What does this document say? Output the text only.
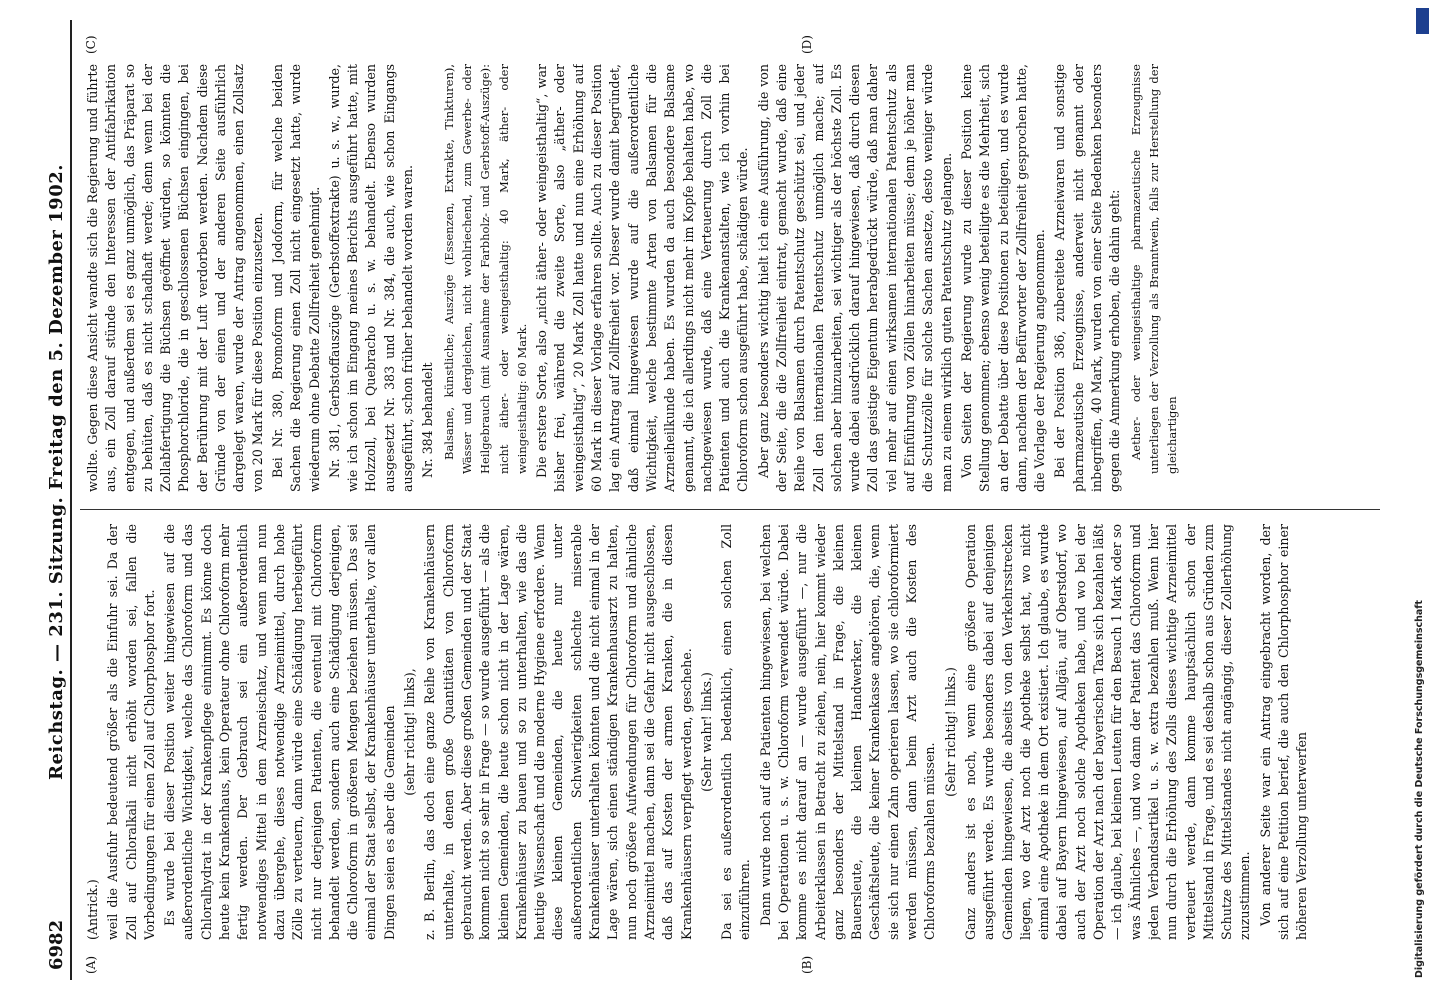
6982
Reichstag. — 231. Sitzung. Freitag den 5. Dezember 1902.
(A)	(B)
(C)	(D)

(Antrick.) weil die Ausfuhr bedeutend größer als die Einfuhr sei. Da der Zoll auf Chloralkali nicht erhöht worden sei, fallen die Vorbedingungen für einen Zoll auf Chlorphosphor fort. Es wurde bei dieser Position weiter hingewiesen auf die außerordentliche Wichtigkeit, welche das Chloroform und das Chloralhydrat in der Krankenpflege einnimmt. Es könne doch heute kein Krankenhaus, kein Operateur ohne Chloroform mehr fertig werden. Der Gebrauch sei ein außerordentlich notwendiges Mittel in dem Arzneischatz, und wenn man nun dazu übergehe, dieses notwendige Arzneimittel, durch hohe Zölle zu verteuern, dann würde eine Schädigung herbeigeführt nicht nur derjenigen Patienten, die eventuell mit Chloroform behandelt werden, sondern auch eine Schädigung derjenigen, die Chloroform in größeren Mengen beziehen müssen. Das sei einmal der Staat selbst, der Krankenhäuser unterhalte, vor allen Dingen seien es aber die Gemeinden (sehr richtig! links), z. B. Berlin, das doch eine ganze Reihe von Krankenhäusern unterhalte, in denen große Quantitäten von Chloroform gebraucht werden. Aber diese großen Gemeinden und der Staat kommen nicht so sehr in Frage — so wurde ausgeführt — als die kleinen Gemeinden, die heute schon nicht in der Lage wären, Krankenhäuser zu bauen und so zu unterhalten, wie das die heutige Wissenschaft und die moderne Hygiene erfordere. Wenn diese kleinen Gemeinden, die heute nur unter außerordentlichen Schwierigkeiten schlechte miserable Krankenhäuser unterhalten könnten und die nicht einmal in der Lage wären, sich einen ständigen Krankenhausarzt zu halten, nun noch größere Aufwendungen für Chloroform und ähnliche Arzneimittel machen, dann sei die Gefahr nicht ausgeschlossen, daß das auf Kosten der armen Kranken, die in diesen Krankenhäusern verpflegt werden, geschehe. (Sehr wahr! links.) Da sei es außerordentlich bedenklich, einen solchen Zoll einzuführen. Dann wurde noch auf die Patienten hingewiesen, bei welchen bei Operationen u. s. w. Chloroform verwendet würde. Dabei komme es nicht darauf an — wurde ausgeführt —, nur die Arbeiterklassen in Betracht zu ziehen, nein, hier kommt wieder ganz besonders der Mittelstand in Frage, die kleinen Bauersleute, die kleinen Handwerker, die kleinen Geschäftsleute, die keiner Krankenkasse angehören, die, wenn sie sich nur einen Zahn operieren lassen, wo sie chloroformiert werden müssen, dann beim Arzt auch die Kosten des Chloroforms bezahlen müssen.

(Sehr richtig! links.) Ganz anders ist es noch, wenn eine größere Operation ausgeführt werde. Es wurde besonders dabei auf denjenigen Gemeinden hingewiesen, die abseits von den Verkehrsstrecken liegen, wo der Arzt noch die Apotheke selbst hat, wo nicht einmal eine Apotheke in dem Ort existiert. Ich glaube, es wurde dabei auf Bayern hingewiesen, auf Allgäu, auf Oberstdorf, wo auch der Arzt noch solche Apotheken habe, und wo bei der Operation der Arzt nach der bayerischen Taxe sich bezahlen läßt — ich glaube, bei kleinen Leuten für den Besuch 1 Mark oder so was Ähnliches —, und wo dann der Patient das Chloroform und jeden Verbandsartikel u. s. w. extra bezahlen muß. Wenn hier nun durch die Erhöhung des Zolls dieses wichtige Arzneimittel verteuert werde, dann komme hauptsächlich schon der Mittelstand in Frage, und es sei deshalb schon aus Gründen zum Schutze des Mittelstandes nicht angängig, dieser Zollerhöhung zuzustimmen. Von anderer Seite war ein Antrag eingebracht worden, der sich auf eine Petition berief, die auch den Chlorphosphor einer höheren Verzollung unterwerfen

wollte. Gegen diese Ansicht wandte sich die Regierung und führte aus, ein Zoll darauf stünde den Interessen der Antifabrikation entgegen, und außerdem sei es ganz unmöglich, das Präparat so zu behüten, daß es nicht schadhaft werde; denn wenn bei der Zollabfertigung die Büchsen geöffnet würden, so könnten die Phosphorchloride, die in geschlossenen Büchsen eingingen, bei der Berührung mit der Luft verdorben werden. Nachdem diese Gründe von der einen und der anderen Seite ausführlich dargelegt waren, wurde der Antrag angenommen, einen Zollsatz von 20 Mark für diese Position einzusetzen. Bei Nr. 380, Bromoform und Jodoform, für welche beiden Sachen die Regierung einen Zoll nicht eingesetzt hatte, wurde wiederum ohne Debatte Zollfreiheit genehmigt. Nr. 381, Gerbstoffauszüge (Gerbstoffextrakte) u. s. w., wurde, wie ich schon im Eingang meines Berichts ausgeführt hatte, mit Holzzoll, bei Quebracho u. s. w. behandelt. Ebenso wurden ausgesetzt Nr. 383 und Nr. 384, die auch, wie schon Eingangs ausgeführt, schon früher behandelt worden waren. Nr. 384 behandelt Balsame, künstliche; Auszüge (Essenzen, Extrakte, Tinkturen), Wässer und dergleichen, nicht wohlriechend, zum Gewerbe- oder Heilgebrauch (mit Ausnahme der Farbholz- und Gerbstoff-Auszüge): nicht äther- oder weingeisthaltig: 40 Mark, äther- oder weingeisthaltig: 60 Mark. Die erstere Sorte, also „nicht äther- oder weingeisthaltig“, war bisher frei, während die zweite Sorte, also „äther- oder weingeisthaltig“, 20 Mark Zoll hatte und nun eine Erhöhung auf 60 Mark in dieser Vorlage erfahren sollte. Auch zu dieser Position lag ein Antrag auf Zollfreiheit vor. Dieser wurde damit begründet, daß einmal hingewiesen wurde auf die außerordentliche Wichtigkeit, welche bestimmte Arten von Balsamen für die Arzneiheilkunde haben. Es wurden da auch besondere Balsame genannt, die ich allerdings nicht mehr im Kopfe behalten habe, wo nachgewiesen wurde, daß eine Verteuerung durch Zoll die Patienten und auch die Krankenanstalten, wie ich vorhin bei Chloroform schon ausgeführt habe, schädigen würde. Aber ganz besonders wichtig hielt ich eine Ausführung, die von der Seite, die die Zollfreiheit eintrat, gemacht wurde, daß eine Reihe von Balsamen durch Patentschutz geschützt sei, und jeder Zoll den internationalen Patentschutz unmöglich mache; auf solchen aber hinzuarbeiten, sei wichtiger als der höchste Zoll. Es wurde dabei ausdrücklich darauf hingewiesen, daß durch diesen Zoll das geistige Eigentum herabgedrückt würde, daß man daher viel mehr auf einen wirksamen internationalen Patentschutz als auf Einführung von Zöllen hinarbeiten müsse; denn je höher man die Schutzzölle für solche Sachen ansetze, desto weniger würde man zu einem wirklich guten Patentschutz gelangen. Von Seiten der Regierung wurde zu dieser Position keine Stellung genommen; ebenso wenig beteiligte es die Mehrheit, sich an der Debatte über diese Positionen zu beteiligen, und es wurde dann, nachdem der Befürworter der Zollfreiheit gesprochen hatte, die Vorlage der Regierung angenommen. Bei der Position 386, zubereitete Arzneiwaren und sonstige pharmazeutische Erzeugnisse, anderweit nicht genannt oder inbegriffen, 40 Mark, wurden von einer Seite Bedenken besonders gegen die Anmerkung erhoben, die dahin geht: Aether- oder weingeisthaltige pharmazeutische Erzeugnisse unterliegen der Verzollung als Branntwein, falls zur Herstellung der gleichartigen

Digitalisierung gefördert durch die Deutsche Forschungsgemeinschaft
